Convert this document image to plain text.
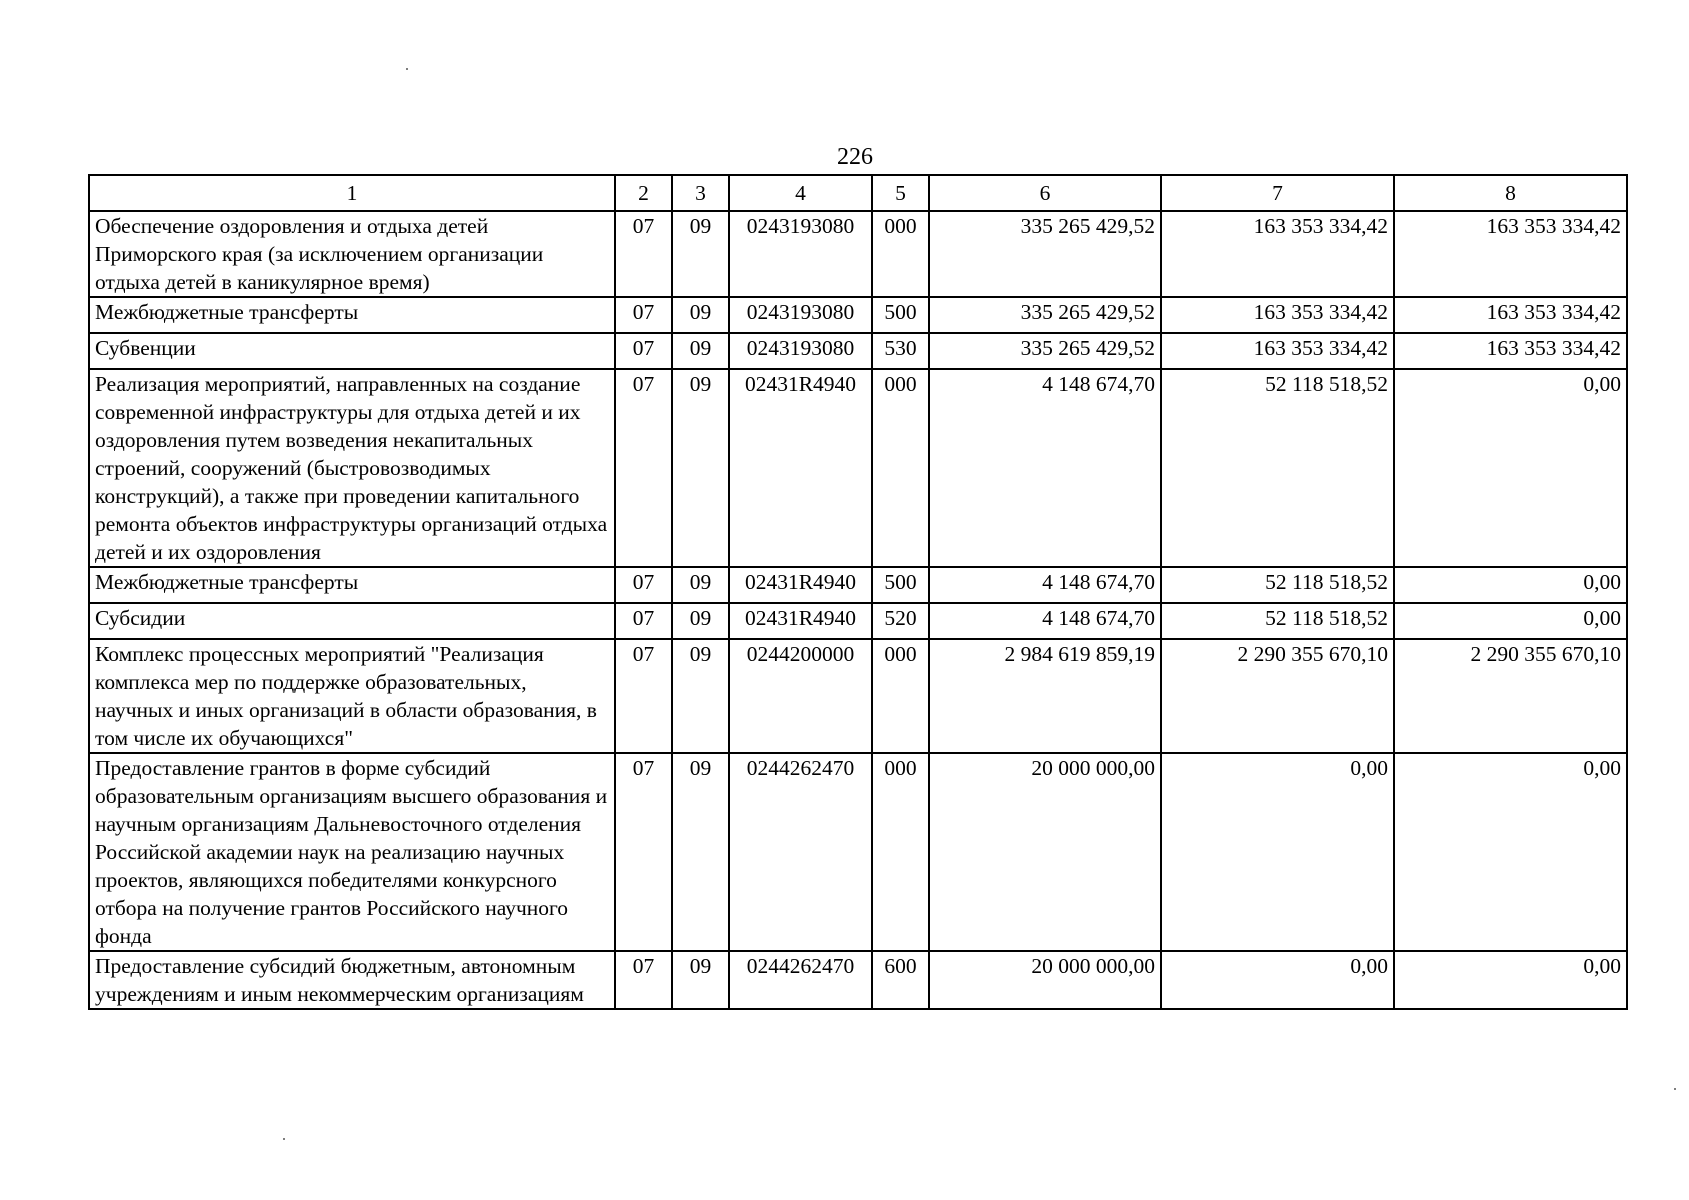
226
1	2	3	4	5	6	7	8
Обеспечение оздоровления и отдыха детей Приморского края (за исключением организации отдыха детей в каникулярное время)	07	09	0243193080	000	335 265 429,52	163 353 334,42	163 353 334,42
Межбюджетные трансферты	07	09	0243193080	500	335 265 429,52	163 353 334,42	163 353 334,42
Субвенции	07	09	0243193080	530	335 265 429,52	163 353 334,42	163 353 334,42
Реализация мероприятий, направленных на создание современной инфраструктуры для отдыха детей и их оздоровления путем возведения некапитальных строений, сооружений (быстровозводимых конструкций), а также при проведении капитального ремонта объектов инфраструктуры организаций отдыха детей и их оздоровления	07	09	02431R4940	000	4 148 674,70	52 118 518,52	0,00
Межбюджетные трансферты	07	09	02431R4940	500	4 148 674,70	52 118 518,52	0,00
Субсидии	07	09	02431R4940	520	4 148 674,70	52 118 518,52	0,00
Комплекс процессных мероприятий "Реализация комплекса мер по поддержке образовательных, научных и иных организаций в области образования, в том числе их обучающихся"	07	09	0244200000	000	2 984 619 859,19	2 290 355 670,10	2 290 355 670,10
Предоставление грантов в форме субсидий образовательным организациям высшего образования и научным организациям Дальневосточного отделения Российской академии наук на реализацию научных проектов, являющихся победителями конкурсного отбора на получение грантов Российского научного фонда	07	09	0244262470	000	20 000 000,00	0,00	0,00
Предоставление субсидий бюджетным, автономным учреждениям и иным некоммерческим организациям	07	09	0244262470	600	20 000 000,00	0,00	0,00
